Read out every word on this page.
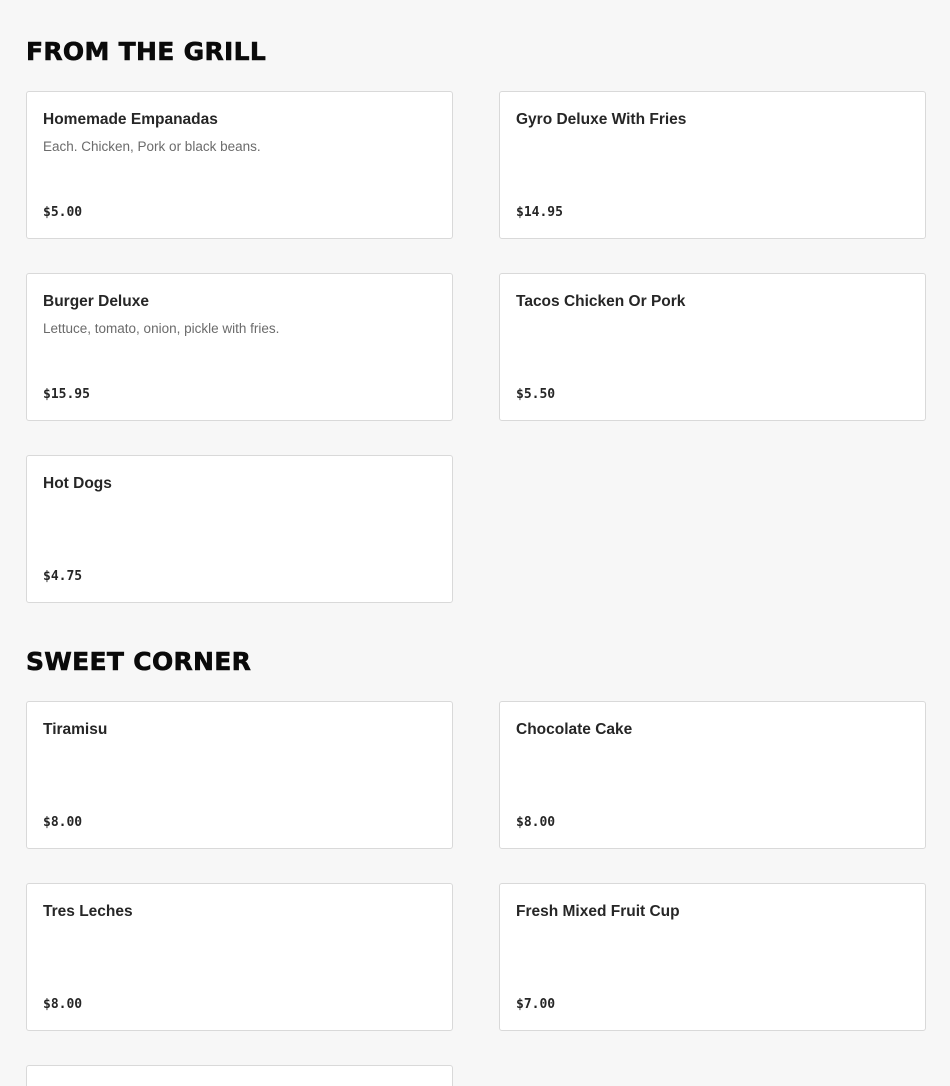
FROM THE GRILL

Homemade Empanadas

Each. Chicken, Pork or black beans.

$5.00

Gyro Deluxe With Fries

$14.95

Burger Deluxe

Lettuce, tomato, onion, pickle with fries.

$15.95

Tacos Chicken Or Pork

$5.50

Hot Dogs

$4.75

SWEET CORNER

Tiramisu

$8.00

Chocolate Cake

$8.00

Tres Leches

$8.00

Fresh Mixed Fruit Cup

$7.00
